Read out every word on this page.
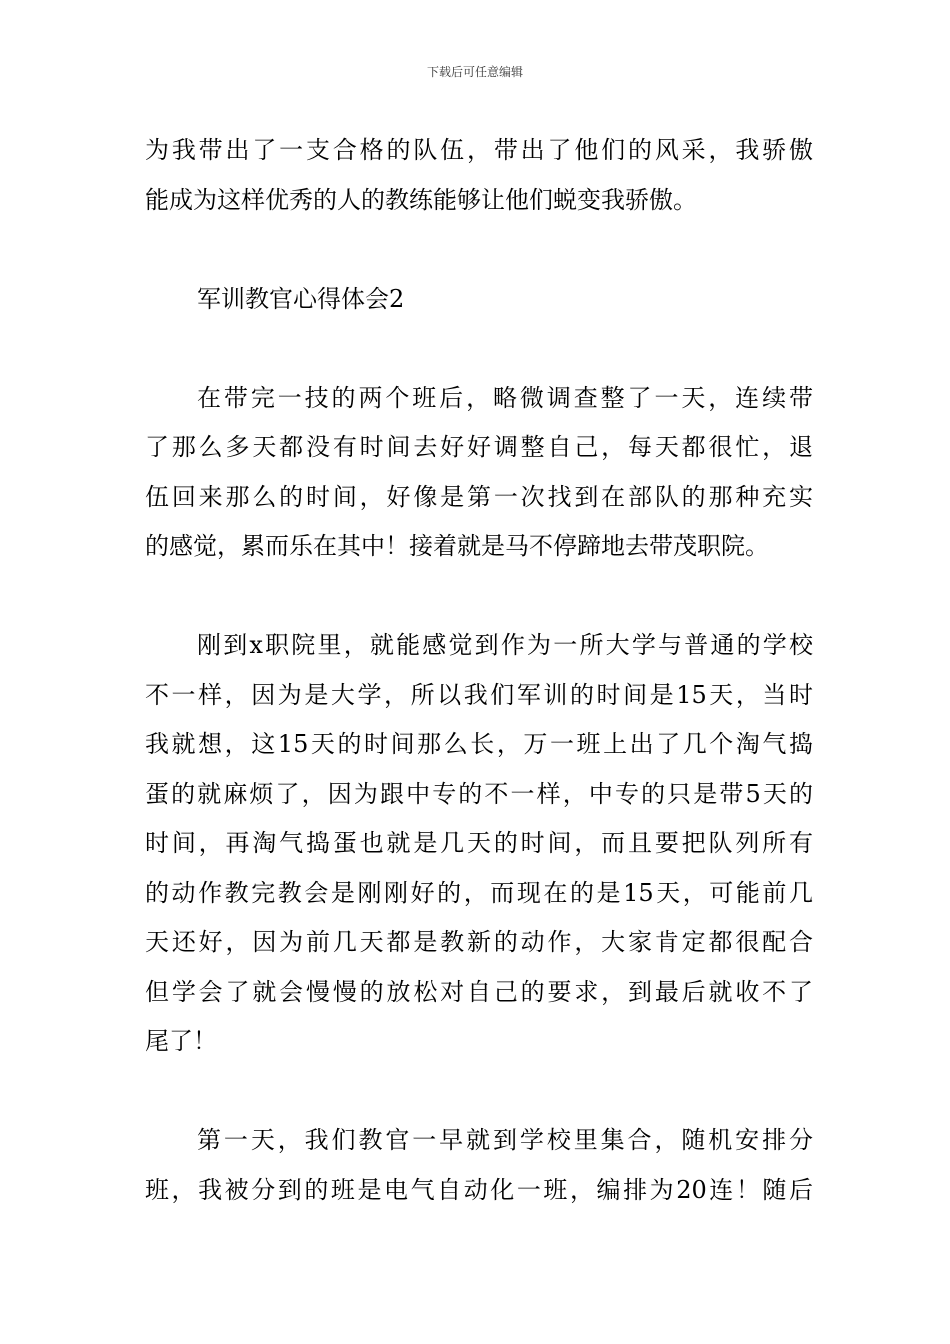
下载后可任意编辑
为我带出了一支合格的队伍，带出了他们的风采，我骄傲
能成为这样优秀的人的教练能够让他们蜕变我骄傲。
军训教官心得体会2
在带完一技的两个班后，略微调查整了一天，连续带
了那么多天都没有时间去好好调整自己，每天都很忙，退
伍回来那么的时间，好像是第一次找到在部队的那种充实
的感觉，累而乐在其中！接着就是马不停蹄地去带茂职院。
刚到x职院里，就能感觉到作为一所大学与普通的学校
不一样，因为是大学，所以我们军训的时间是15天，当时
我就想，这15天的时间那么长，万一班上出了几个淘气捣
蛋的就麻烦了，因为跟中专的不一样，中专的只是带5天的
时间，再淘气捣蛋也就是几天的时间，而且要把队列所有
的动作教完教会是刚刚好的，而现在的是15天，可能前几
天还好，因为前几天都是教新的动作，大家肯定都很配合
但学会了就会慢慢的放松对自己的要求，到最后就收不了
尾了！
第一天，我们教官一早就到学校里集合，随机安排分
班，我被分到的班是电气自动化一班，编排为20连！随后
